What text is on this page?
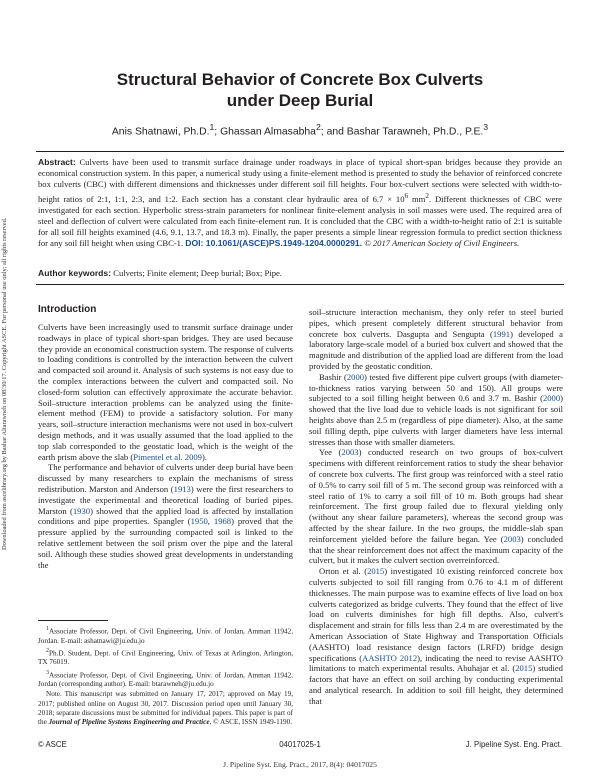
Downloaded from ascelibrary.org by Bashar Altarawneh on 08/30/17. Copyright ASCE. For personal use only; all rights reserved.
Structural Behavior of Concrete Box Culverts
under Deep Burial
Anis Shatnawi, Ph.D.$^1$; Ghassan Almasabha$^2$; and Bashar Tarawneh, Ph.D., P.E.$^3$
Abstract: Culverts have been used to transmit surface drainage under roadways in place of typical short-span bridges because they provide an economical construction system. In this paper, a numerical study using a finite-element method is presented to study the behavior of reinforced concrete box culverts (CBC) with different dimensions and thicknesses under different soil fill heights. Four box-culvert sections were selected with width-to-height ratios of 2:1, 1:1, 2:3, and 1:2. Each section has a constant clear hydraulic area of $6.7 \times 10^6$ $mm^2$. Different thicknesses of CBC were investigated for each section. Hyperbolic stress-strain parameters for nonlinear finite-element analysis in soil masses were used. The required area of steel and deflection of culvert were calculated from each finite-element run. It is concluded that the CBC with a width-to-height ratio of 2:1 is suitable for all soil fill heights examined (4.6, 9.1, 13.7, and 18.3 m). Finally, the paper presents a simple linear regression formula to predict section thickness for any soil fill height when using CBC-1. DOI: 10.1061/(ASCE)PS.1949-1204.0000291. © 2017 American Society of Civil Engineers.
Author keywords: Culverts; Finite element; Deep burial; Box; Pipe.
Introduction

Culverts have been increasingly used to transmit surface drainage under roadways in place of typical short-span bridges. They are used because they provide an economical construction system. The response of culverts to loading conditions is controlled by the interaction between the culvert and compacted soil around it. Analysis of such systems is not easy due to the complex interactions between the culvert and compacted soil. No closed-form solution can effectively approximate the accurate behavior. Soil–structure interaction problems can be analyzed using the finite-element method (FEM) to provide a satisfactory solution. For many years, soil–structure interaction mechanisms were not used in box-culvert design methods, and it was usually assumed that the load applied to the top slab corresponded to the geostatic load, which is the weight of the earth prism above the slab (Pimentel et al. 2009).

The performance and behavior of culverts under deep burial have been discussed by many researchers to explain the mechanisms of stress redistribution. Marston and Anderson (1913) were the first researchers to investigate the experimental and theoretical loading of buried pipes. Marston (1930) showed that the applied load is affected by installation conditions and pipe properties. Spangler (1950, 1968) proved that the pressure applied by the surrounding compacted soil is linked to the relative settlement between the soil prism over the pipe and the lateral soil. Although these studies showed great developments in understanding the

$^1$Associate Professor, Dept. of Civil Engineering, Univ. of Jordan, Amman 11942, Jordan. E-mail: ashatnawi@ju.edu.jo

$^2$Ph.D. Student, Dept. of Civil Engineering, Univ. of Texas at Arlington, Arlington, TX 76019.

$^3$Associate Professor, Dept. of Civil Engineering, Univ. of Jordan, Amman 11942, Jordan (corresponding author). E-mail: btarawneh@ju.edu.jo

Note. This manuscript was submitted on January 17, 2017; approved on May 19, 2017; published online on August 30, 2017. Discussion period open until January 30, 2018; separate discussions must be submitted for individual papers. This paper is part of the Journal of Pipeline Systems Engineering and Practice, © ASCE, ISSN 1949-1190.

soil–structure interaction mechanism, they only refer to steel buried pipes, which present completely different structural behavior from concrete box culverts. Dasgupta and Sengupta (1991) developed a laboratory large-scale model of a buried box culvert and showed that the magnitude and distribution of the applied load are different from the load provided by the geostatic condition.

Bashir (2000) tested five different pipe culvert groups (with diameter-to-thickness ratios varying between 50 and 150). All groups were subjected to a soil filling height between 0.6 and 3.7 m. Bashir (2000) showed that the live load due to vehicle loads is not significant for soil heights above than 2.5 m (regardless of pipe diameter). Also, at the same soil filling depth, pipe culverts with larger diameters have less internal stresses than those with smaller diameters.

Yee (2003) conducted research on two groups of box-culvert specimens with different reinforcement ratios to study the shear behavior of concrete box culverts. The first group was reinforced with a steel ratio of 0.5% to carry soil fill of 5 m. The second group was reinforced with a steel ratio of 1% to carry a soil fill of 10 m. Both groups had shear reinforcement. The first group failed due to flexural yielding only (without any shear failure parameters), whereas the second group was affected by the shear failure. In the two groups, the middle-slab span reinforcement yielded before the failure began. Yee (2003) concluded that the shear reinforcement does not affect the maximum capacity of the culvert, but it makes the culvert section overreinforced.

Orton et al. (2015) investigated 10 existing reinforced concrete box culverts subjected to soil fill ranging from 0.76 to 4.1 m of different thicknesses. The main purpose was to examine effects of live load on box culverts categorized as bridge culverts. They found that the effect of live load on culverts diminishes for high fill depths. Also, culvert's displacement and strain for fills less than 2.4 m are overestimated by the American Association of State Highway and Transportation Officials (AASHTO) load resistance design factors (LRFD) bridge design specifications (AASHTO 2012), indicating the need to revise AASHTO limitations to match experimental results. Abuhajar et al. (2015) studied factors that have an effect on soil arching by conducting experimental and analytical research. In addition to soil fill height, they determined that

© ASCE	04017025-1	J. Pipeline Syst. Eng. Pract.
J. Pipeline Syst. Eng. Pract., 2017, 8(4): 04017025
